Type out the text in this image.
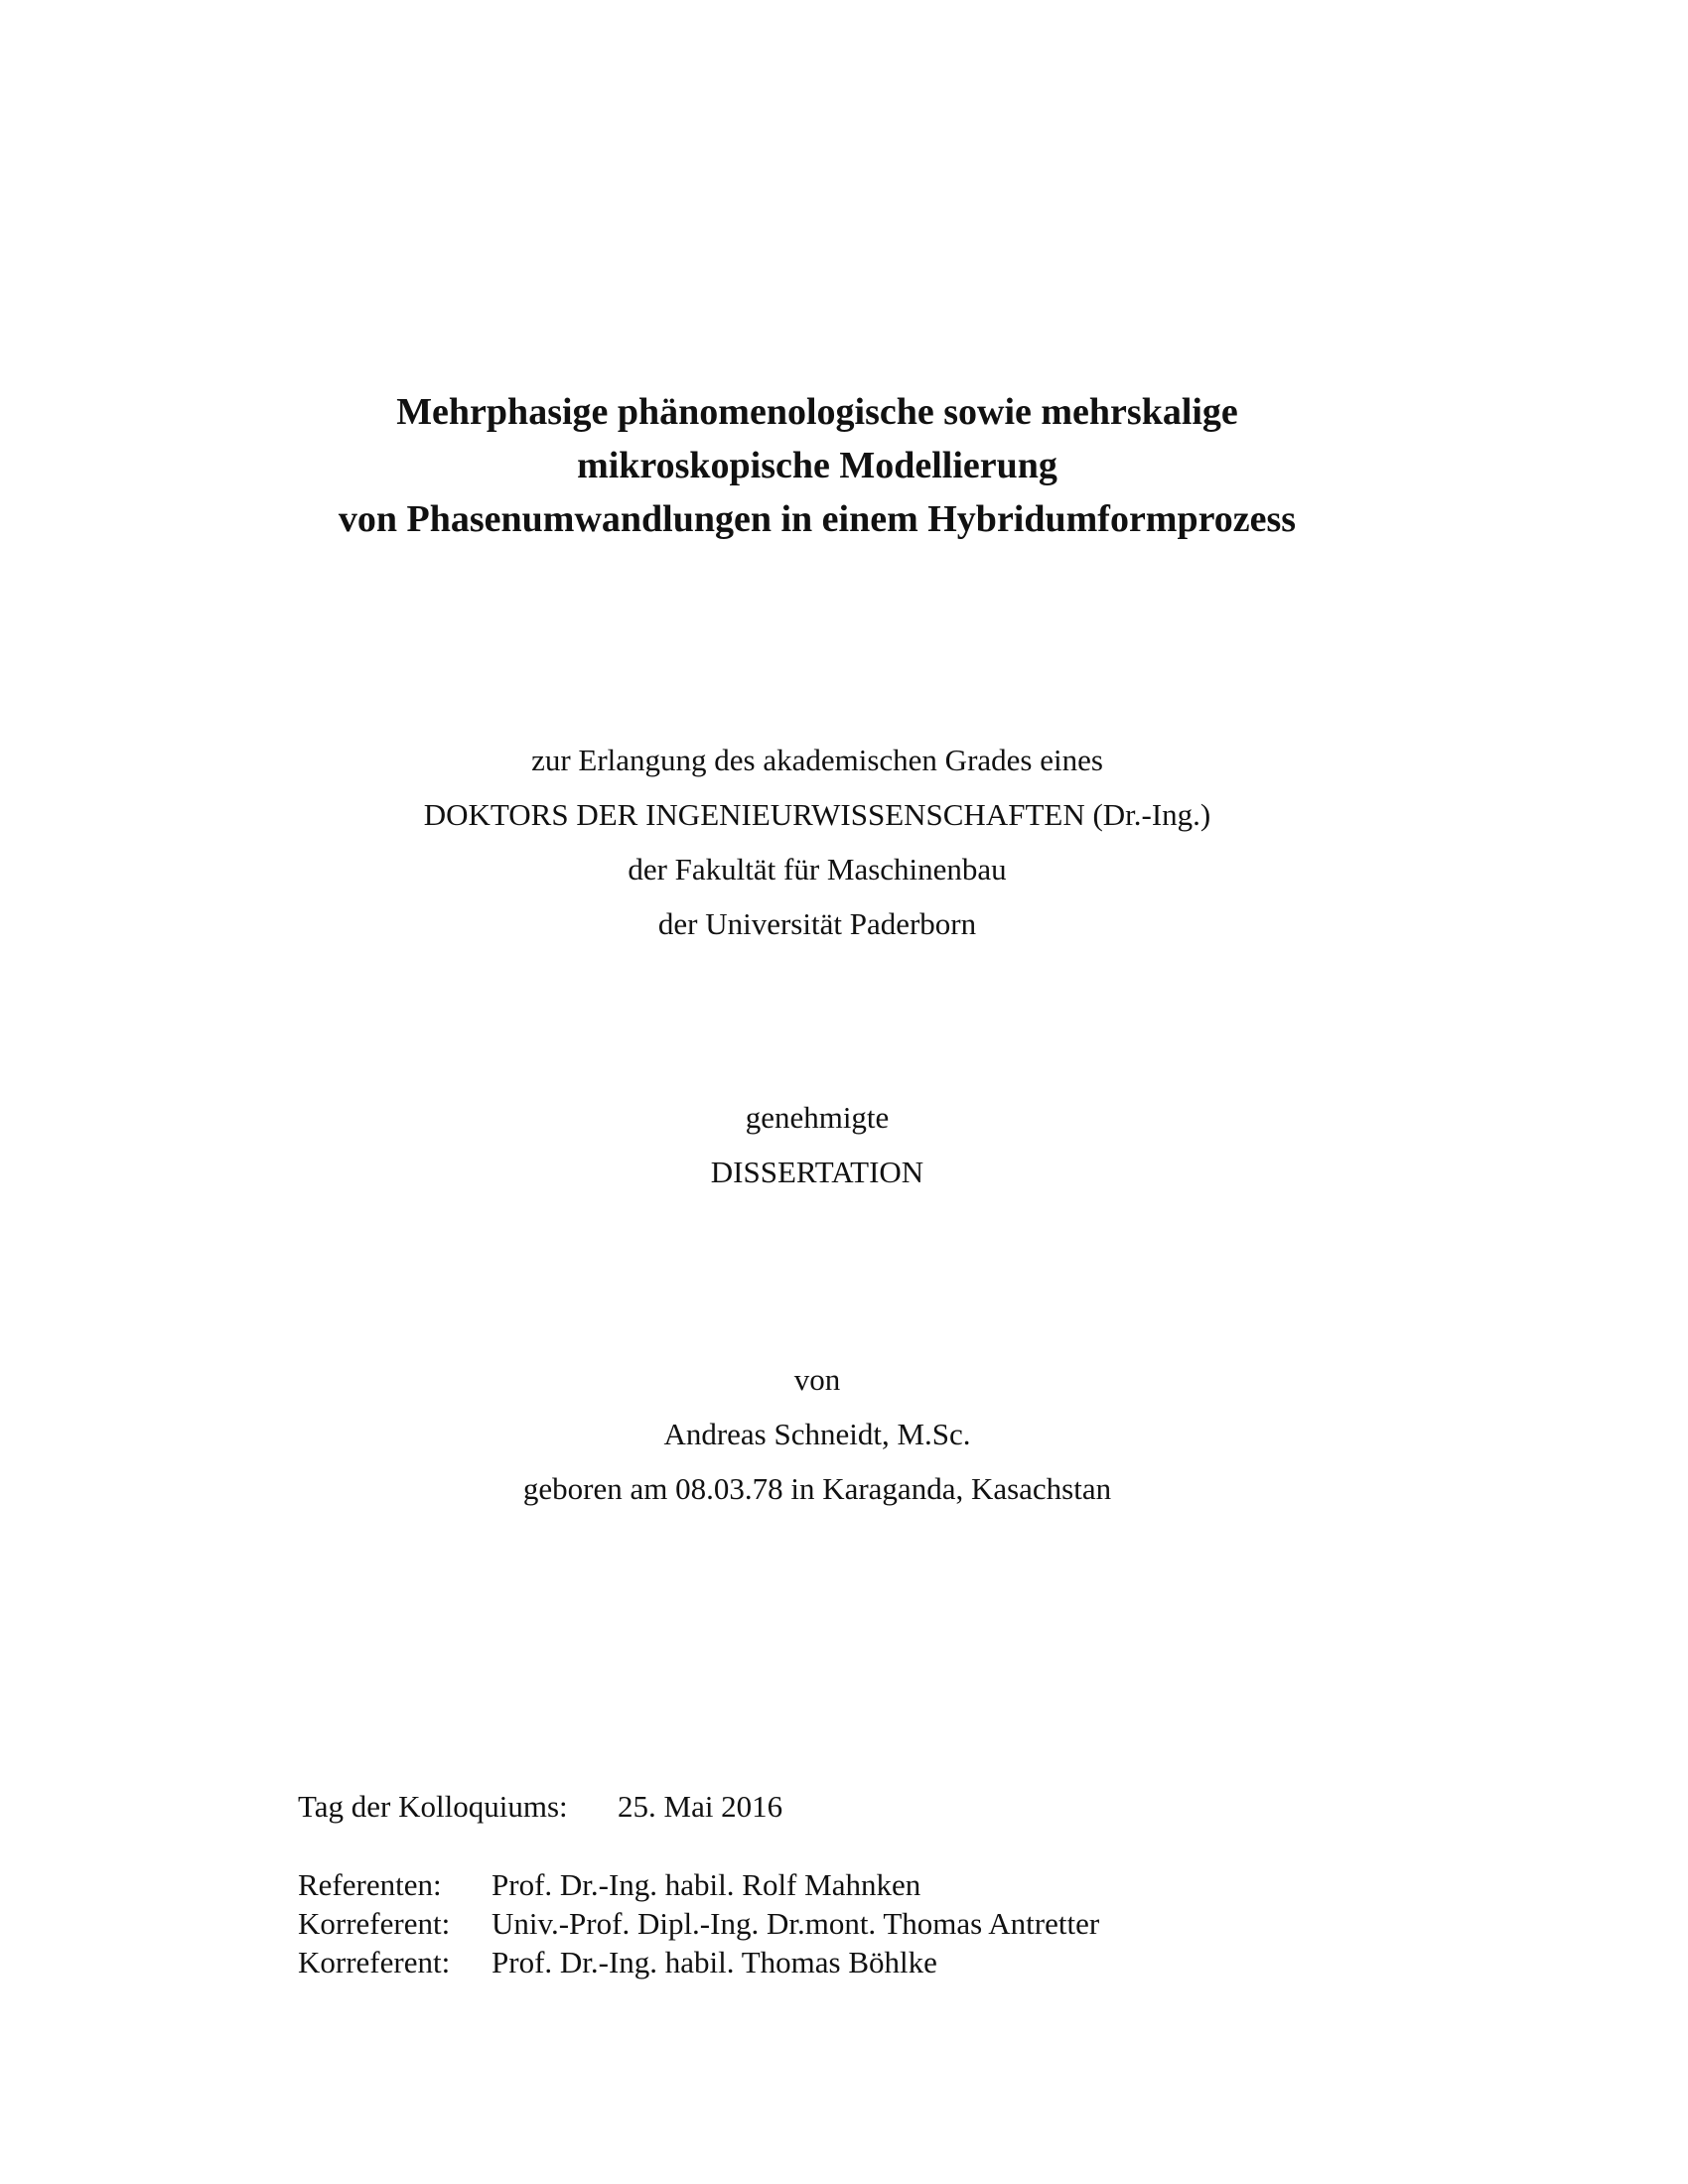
Mehrphasige phänomenologische sowie mehrskalige
mikroskopische Modellierung
von Phasenumwandlungen in einem Hybridumformprozess
zur Erlangung des akademischen Grades eines
DOKTORS DER INGENIEURWISSENSCHAFTEN (Dr.-Ing.)
der Fakultät für Maschinenbau
der Universität Paderborn
genehmigte
DISSERTATION
von
Andreas Schneidt, M.Sc.
geboren am 08.03.78 in Karaganda, Kasachstan
Tag der Kolloquiums:	25. Mai 2016
Referenten:	Prof. Dr.-Ing. habil. Rolf Mahnken
Korreferent:	Univ.-Prof. Dipl.-Ing. Dr.mont. Thomas Antretter
Korreferent:	Prof. Dr.-Ing. habil. Thomas Böhlke
